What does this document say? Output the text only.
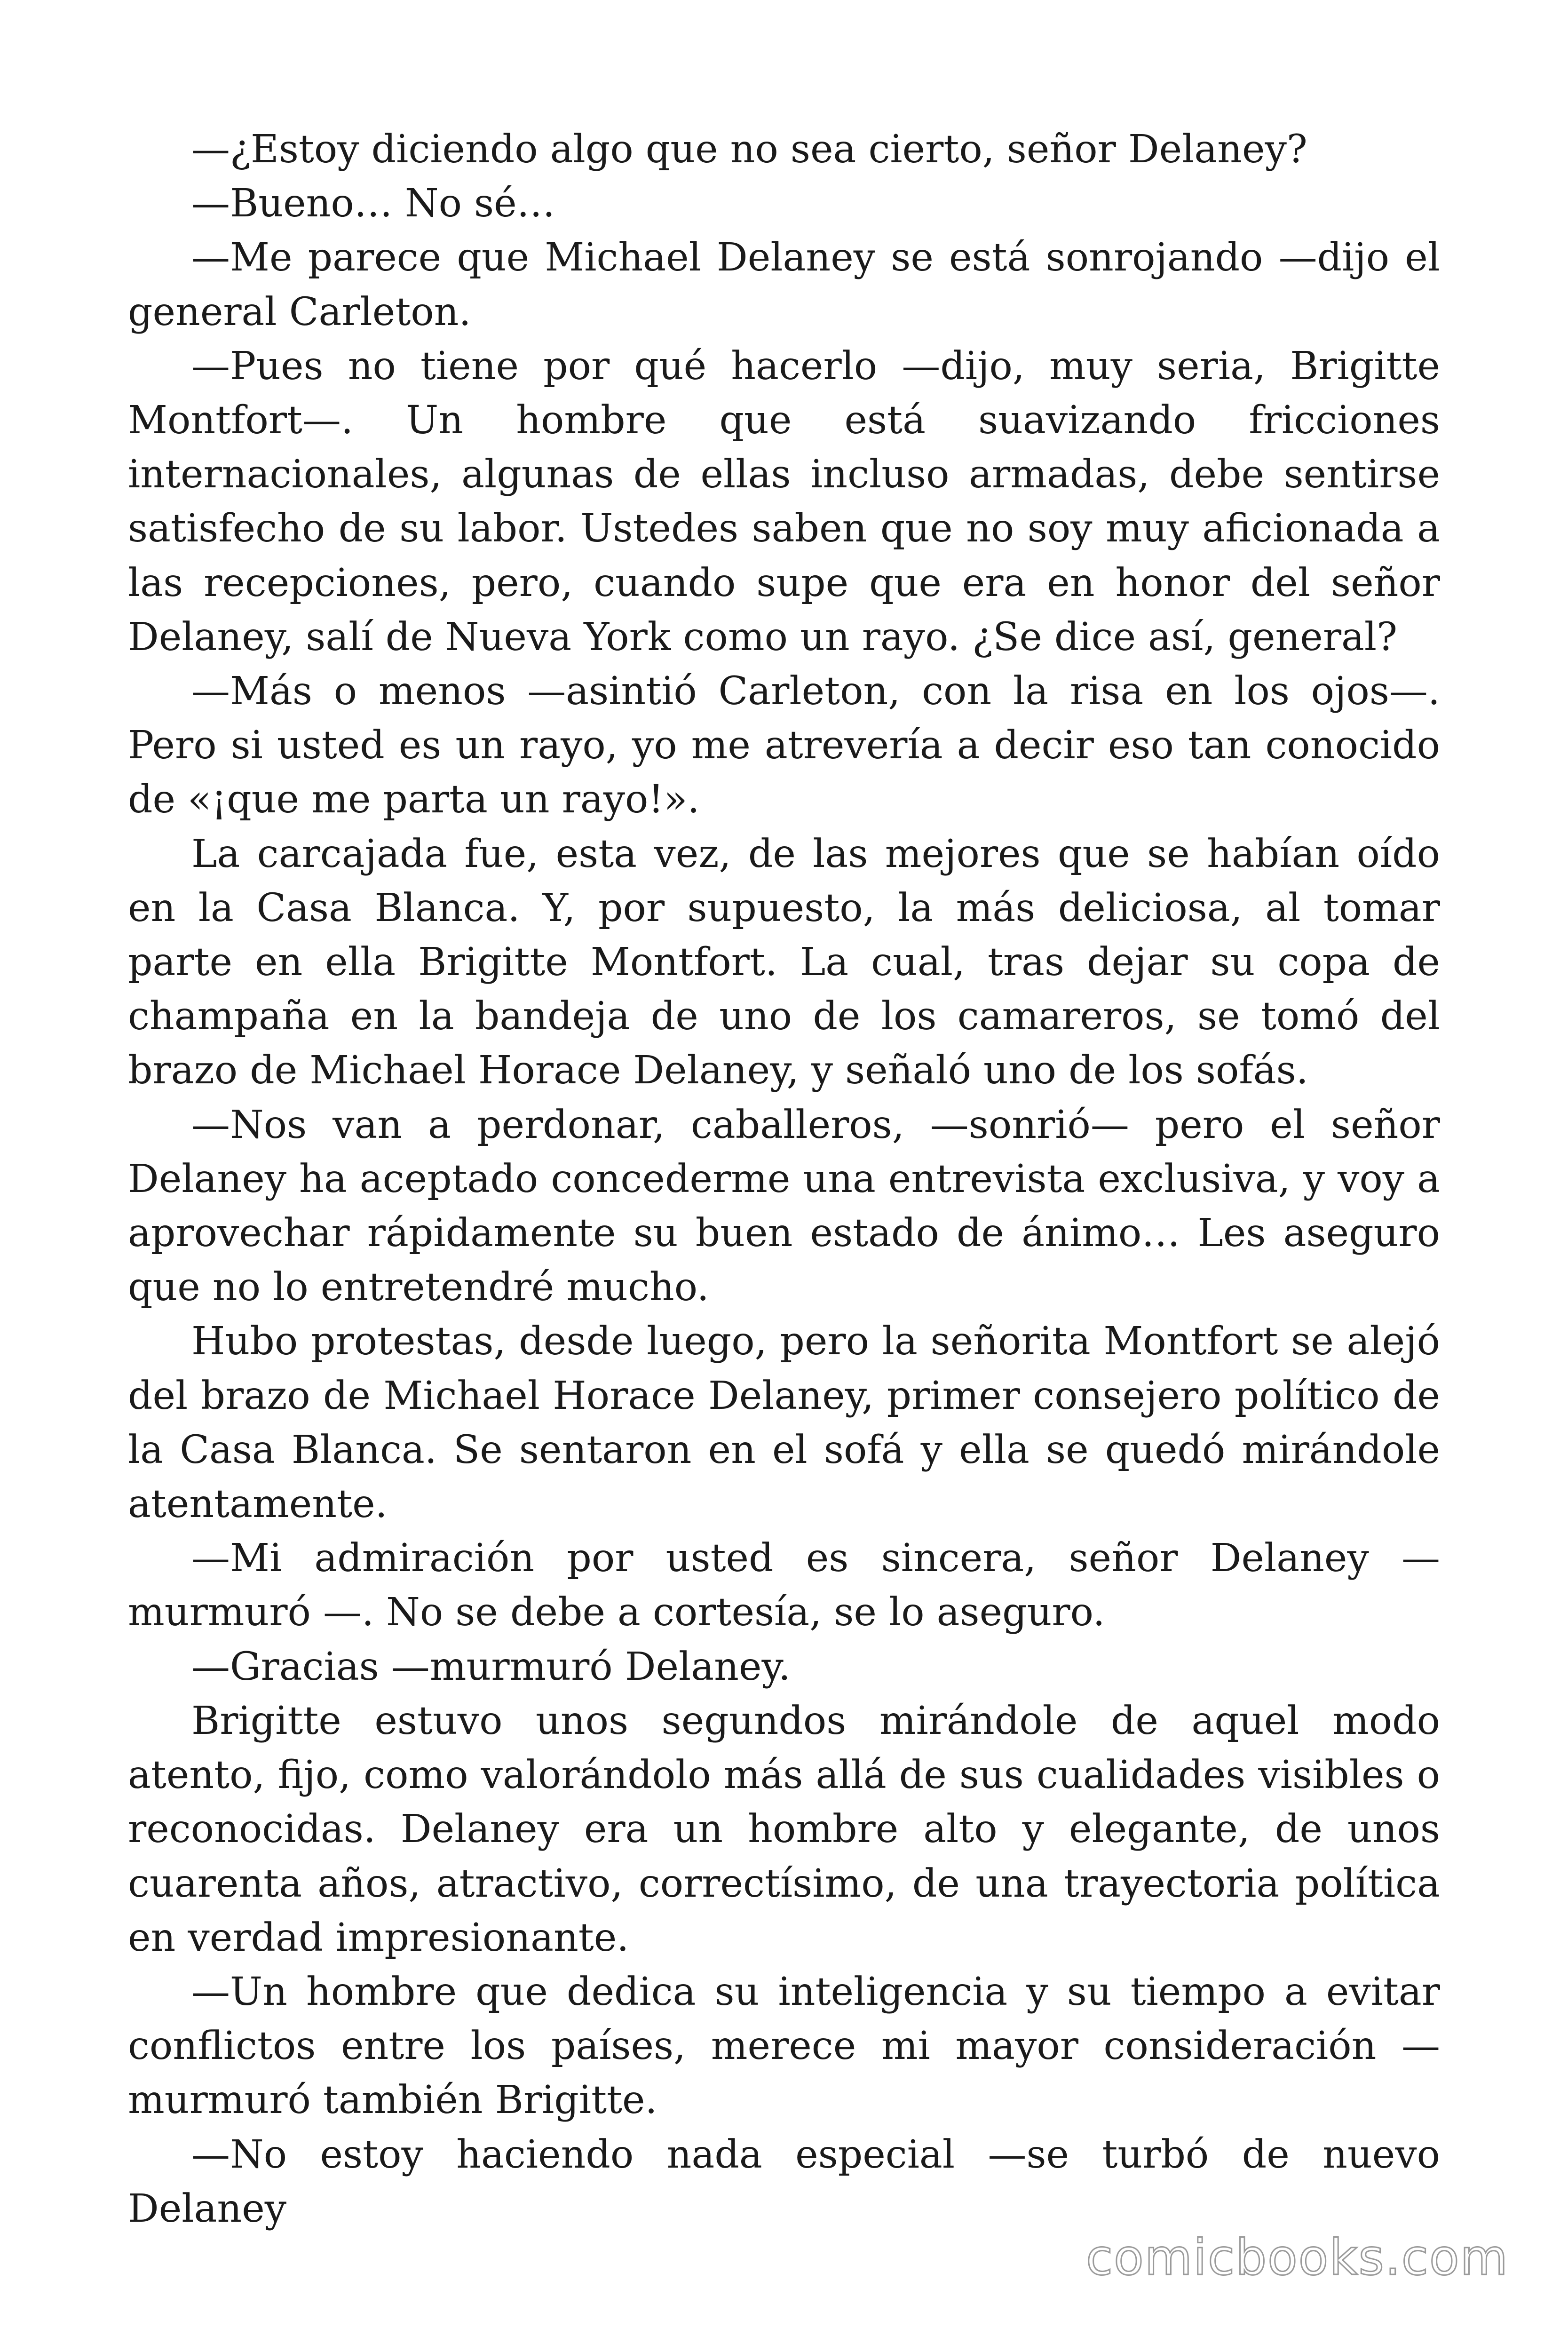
—¿Estoy diciendo algo que no sea cierto, señor Delaney?

—Bueno… No sé…

—Me parece que Michael Delaney se está sonrojando —dijo el general Carleton.

—Pues no tiene por qué hacerlo —dijo, muy seria, Brigitte Montfort—. Un hombre que está suavizando fricciones internacionales, algunas de ellas incluso armadas, debe sentirse satisfecho de su labor. Ustedes saben que no soy muy aficionada a las recepciones, pero, cuando supe que era en honor del señor Delaney, salí de Nueva York como un rayo. ¿Se dice así, general?

—Más o menos —asintió Carleton, con la risa en los ojos—. Pero si usted es un rayo, yo me atrevería a decir eso tan conocido de «¡que me parta un rayo!».

La carcajada fue, esta vez, de las mejores que se habían oído en la Casa Blanca. Y, por supuesto, la más deliciosa, al tomar parte en ella Brigitte Montfort. La cual, tras dejar su copa de champaña en la bandeja de uno de los camareros, se tomó del brazo de Michael Horace Delaney, y señaló uno de los sofás.

—Nos van a perdonar, caballeros, —sonrió— pero el señor Delaney ha aceptado concederme una entrevista exclusiva, y voy a aprovechar rápidamente su buen estado de ánimo… Les aseguro que no lo entretendré mucho.

Hubo protestas, desde luego, pero la señorita Montfort se alejó del brazo de Michael Horace Delaney, primer consejero político de la Casa Blanca. Se sentaron en el sofá y ella se quedó mirándole atentamente.

—Mi admiración por usted es sincera, señor Delaney —murmuró —. No se debe a cortesía, se lo aseguro.

—Gracias —murmuró Delaney.

Brigitte estuvo unos segundos mirándole de aquel modo atento, fijo, como valorándolo más allá de sus cualidades visibles o reconocidas. Delaney era un hombre alto y elegante, de unos cuarenta años, atractivo, correctísimo, de una trayectoria política en verdad impresionante.

—Un hombre que dedica su inteligencia y su tiempo a evitar conflictos entre los países, merece mi mayor consideración — murmuró también Brigitte.

—No estoy haciendo nada especial —se turbó de nuevo Delaney

comicbooks.com
